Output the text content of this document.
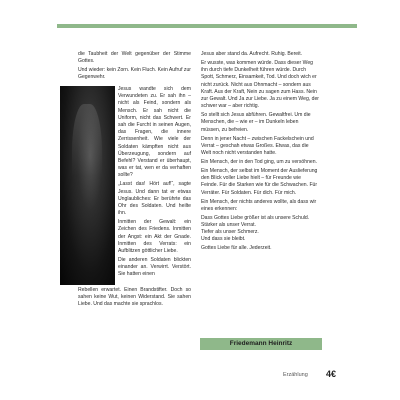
die Taubheit der Welt gegenüber der Stimme Gottes.

Und wieder: kein Zorn. Kein Fluch. Kein Aufruf zur Gegenwehr.

Jesus wandte sich dem Verwundeten zu. Er sah ihn – nicht als Feind, sondern als Mensch. Er sah nicht die Uniform, nicht das Schwert. Er sah die Furcht in seinen Augen, das Fragen, die innere Zerrissenheit. Wie viele der Soldaten kämpften nicht aus Überzeugung, sondern auf Befehl? Verstand er überhaupt, was er tat, wen er da verhaften sollte?

„Lasst das! Hört auf!“, sagte Jesus. Und dann tat er etwas Unglaubliches: Er berührte das Ohr des Soldaten. Und heilte ihn.

Inmitten der Gewalt: ein Zeichen des Friedens. Inmitten der Angst: ein Akt der Gnade. Inmitten des Verrats: ein Aufblitzen göttlicher Liebe.

Die anderen Soldaten blickten einander an. Verwirrt. Verstört. Sie hatten einen

Rebellen erwartet. Einen Brandstifter. Doch so sahen keine Wut, keinen Widerstand. Sie sahen Liebe. Und das machte sie sprachlos.

Jesus aber stand da. Aufrecht. Ruhig. Bereit.

Er wusste, was kommen würde. Dass dieser Weg ihn durch tiefe Dunkelheit führen würde. Durch Spott, Schmerz, Einsamkeit, Tod. Und doch wich er nicht zurück. Nicht aus Ohnmacht – sondern aus Kraft. Aus der Kraft, Nein zu sagen zum Hass. Nein zur Gewalt. Und Ja zur Liebe. Ja zu einem Weg, der schwer war – aber richtig.

So stellt sich Jesus abführen. Gewaltfrei. Um die Menschen, die – wie er – im Dunkeln leben müssen, zu befreien.

Denn in jener Nacht – zwischen Fackelschein und Verrat – geschah etwas Großes. Etwas, das die Welt noch nicht verstanden hatte.

Ein Mensch, der in den Tod ging, um zu versöhnen.

Ein Mensch, der selbst im Moment der Auslieferung den Blick voller Liebe hielt – für Freunde wie Feinde. Für die Starken wie für die Schwachen. Für Verräter. Für Soldaten. Für dich. Für mich.

Ein Mensch, der nichts anderes wollte, als dass wir eines erkennen:

Dass Gottes Liebe größer ist als unsere Schuld.
Stärker als unser Verrat.
Tiefer als unser Schmerz.
Und dass sie bleibt.

Gottes Liebe für alle. Jederzeit.

Friedemann Heinritz
Erzählung 4€
